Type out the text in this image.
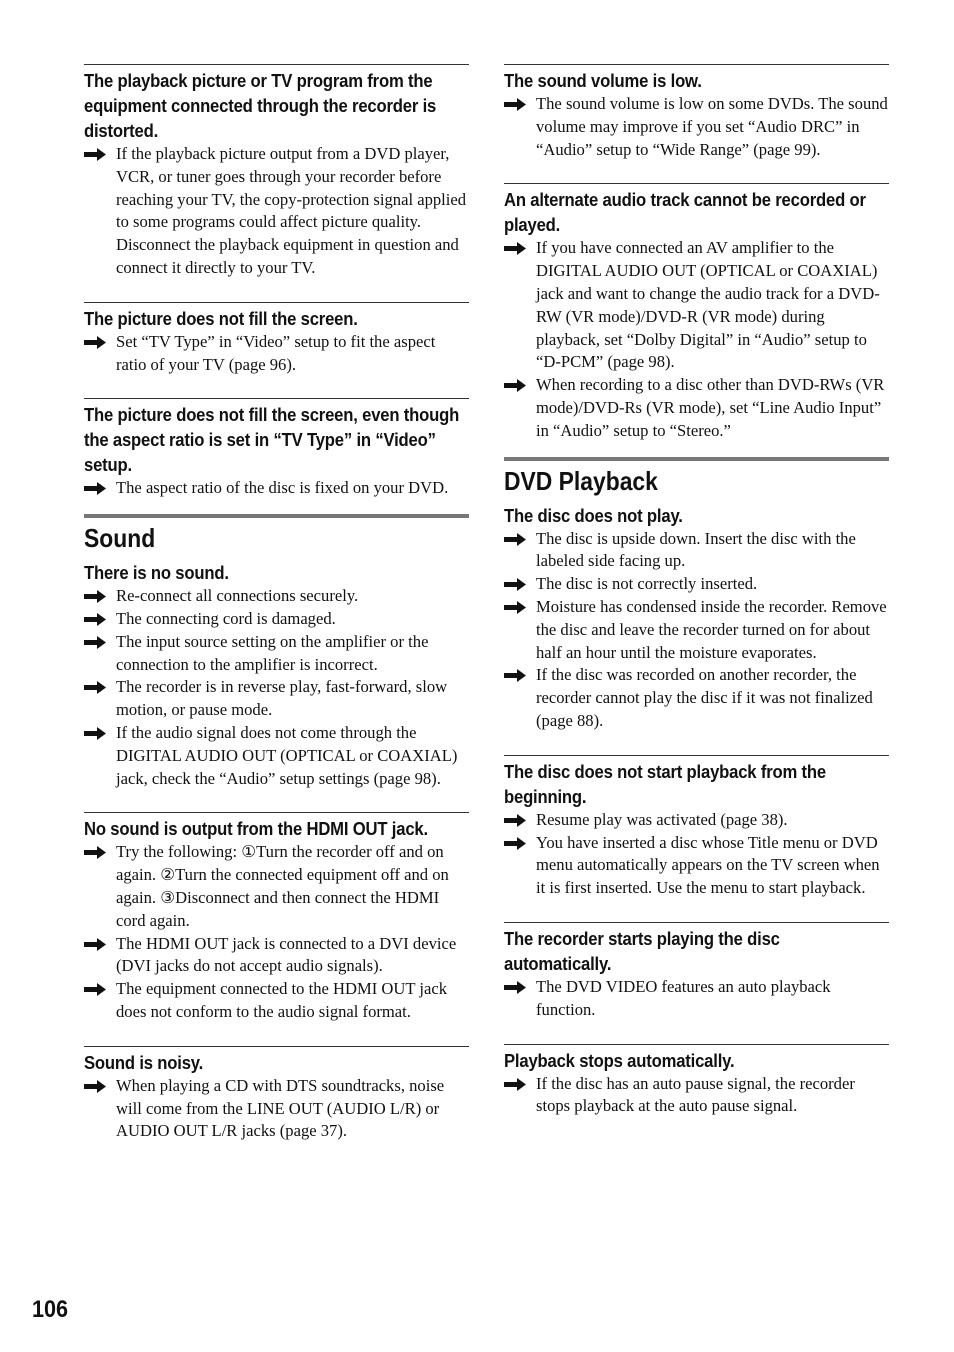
The playback picture or TV program from the equipment connected through the recorder is distorted.
If the playback picture output from a DVD player, VCR, or tuner goes through your recorder before reaching your TV, the copy-protection signal applied to some programs could affect picture quality. Disconnect the playback equipment in question and connect it directly to your TV.
The picture does not fill the screen.
Set “TV Type” in “Video” setup to fit the aspect ratio of your TV (page 96).
The picture does not fill the screen, even though the aspect ratio is set in “TV Type” in “Video” setup.
The aspect ratio of the disc is fixed on your DVD.
Sound
There is no sound.
Re-connect all connections securely.
The connecting cord is damaged.
The input source setting on the amplifier or the connection to the amplifier is incorrect.
The recorder is in reverse play, fast-forward, slow motion, or pause mode.
If the audio signal does not come through the DIGITAL AUDIO OUT (OPTICAL or COAXIAL) jack, check the “Audio” setup settings (page 98).
No sound is output from the HDMI OUT jack.
Try the following: ①Turn the recorder off and on again. ②Turn the connected equipment off and on again. ③Disconnect and then connect the HDMI cord again.
The HDMI OUT jack is connected to a DVI device (DVI jacks do not accept audio signals).
The equipment connected to the HDMI OUT jack does not conform to the audio signal format.
Sound is noisy.
When playing a CD with DTS soundtracks, noise will come from the LINE OUT (AUDIO L/R) or AUDIO OUT L/R jacks (page 37).
The sound volume is low.
The sound volume is low on some DVDs. The sound volume may improve if you set “Audio DRC” in “Audio” setup to “Wide Range” (page 99).
An alternate audio track cannot be recorded or played.
If you have connected an AV amplifier to the DIGITAL AUDIO OUT (OPTICAL or COAXIAL) jack and want to change the audio track for a DVD-RW (VR mode)/DVD-R (VR mode) during playback, set “Dolby Digital” in “Audio” setup to “D-PCM” (page 98).
When recording to a disc other than DVD-RWs (VR mode)/DVD-Rs (VR mode), set “Line Audio Input” in “Audio” setup to “Stereo.”
DVD Playback
The disc does not play.
The disc is upside down. Insert the disc with the labeled side facing up.
The disc is not correctly inserted.
Moisture has condensed inside the recorder. Remove the disc and leave the recorder turned on for about half an hour until the moisture evaporates.
If the disc was recorded on another recorder, the recorder cannot play the disc if it was not finalized (page 88).
The disc does not start playback from the beginning.
Resume play was activated (page 38).
You have inserted a disc whose Title menu or DVD menu automatically appears on the TV screen when it is first inserted. Use the menu to start playback.
The recorder starts playing the disc automatically.
The DVD VIDEO features an auto playback function.
Playback stops automatically.
If the disc has an auto pause signal, the recorder stops playback at the auto pause signal.
106
